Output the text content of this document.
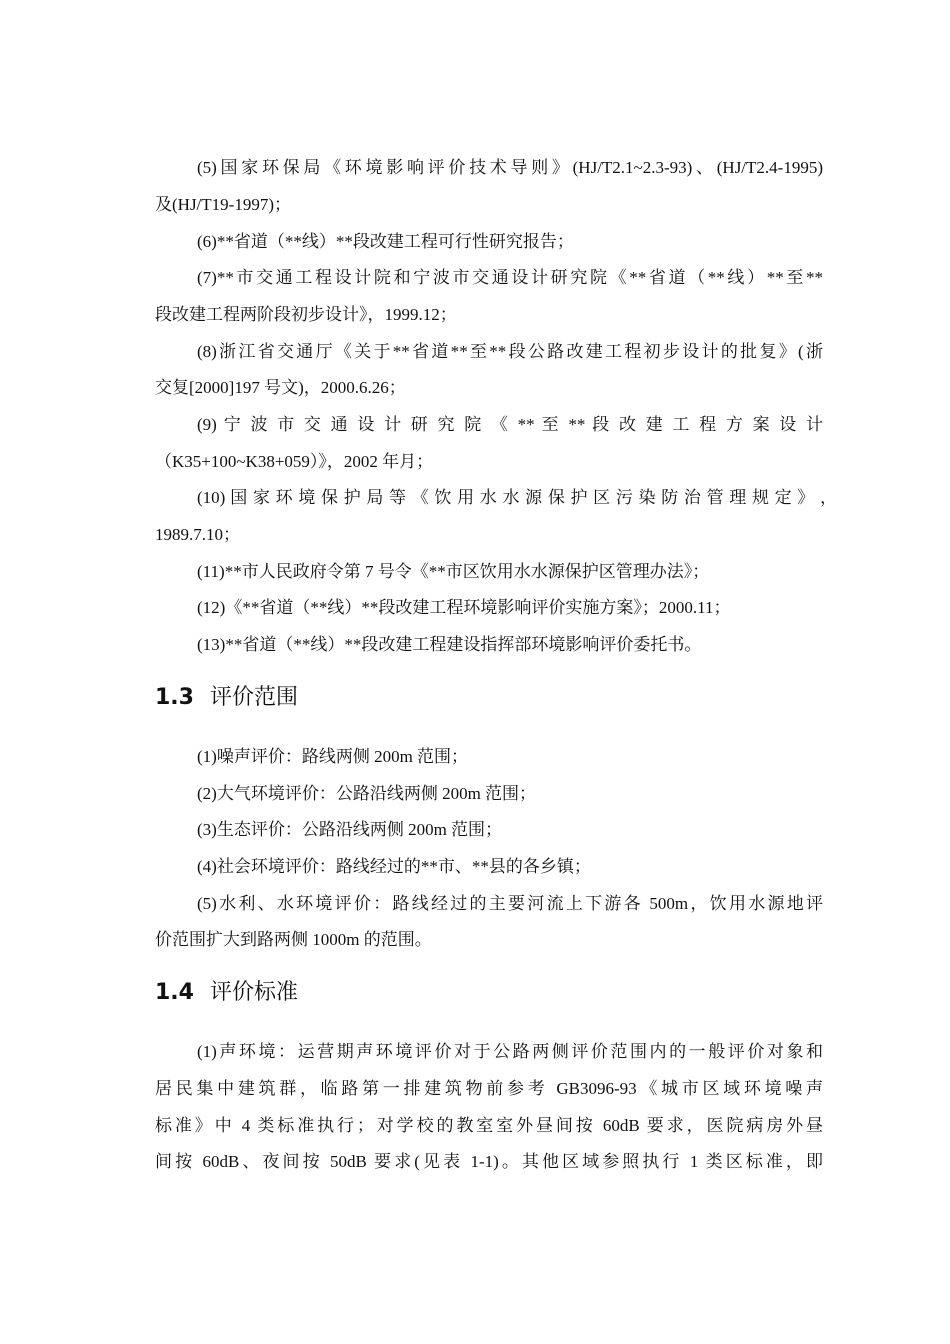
(5)国家环保局《环境影响评价技术导则》(HJ/T2.1~2.3-93)、(HJ/T2.4-1995)
及(HJ/T19-1997)；
(6)**省道（**线）**段改建工程可行性研究报告；
(7)**市交通工程设计院和宁波市交通设计研究院《**省道（**线）**至**
段改建工程两阶段初步设计》，1999.12；
(8)浙江省交通厅《关于**省道**至**段公路改建工程初步设计的批复》(浙
交复[2000]197 号文)，2000.6.26；
(9) 宁 波 市 交 通 设 计 研 究 院 《 ** 至 ** 段 改 建 工 程 方 案 设 计
（K35+100~K38+059）》，2002 年月；
(10) 国 家 环 境 保 护 局 等 《 饮 用 水 水 源 保 护 区 污 染 防 治 管 理 规 定 》 ，
1989.7.10；
(11)**市人民政府令第 7 号令《**市区饮用水水源保护区管理办法》；
(12)《**省道（**线）**段改建工程环境影响评价实施方案》；2000.11；
(13)**省道（**线）**段改建工程建设指挥部环境影响评价委托书。
1.3 评价范围
(1)噪声评价：路线两侧 200m 范围；
(2)大气环境评价：公路沿线两侧 200m 范围；
(3)生态评价：公路沿线两侧 200m 范围；
(4)社会环境评价：路线经过的**市、**县的各乡镇；
(5)水利、水环境评价：路线经过的主要河流上下游各 500m，饮用水源地评
价范围扩大到路两侧 1000m 的范围。
1.4 评价标准
(1)声环境：运营期声环境评价对于公路两侧评价范围内的一般评价对象和
居民集中建筑群，临路第一排建筑物前参考 GB3096-93《城市区域环境噪声
标准》中 4 类标准执行；对学校的教室室外昼间按 60dB 要求，医院病房外昼
间按 60dB、夜间按 50dB 要求(见表 1-1)。其他区域参照执行 1 类区标准，即
